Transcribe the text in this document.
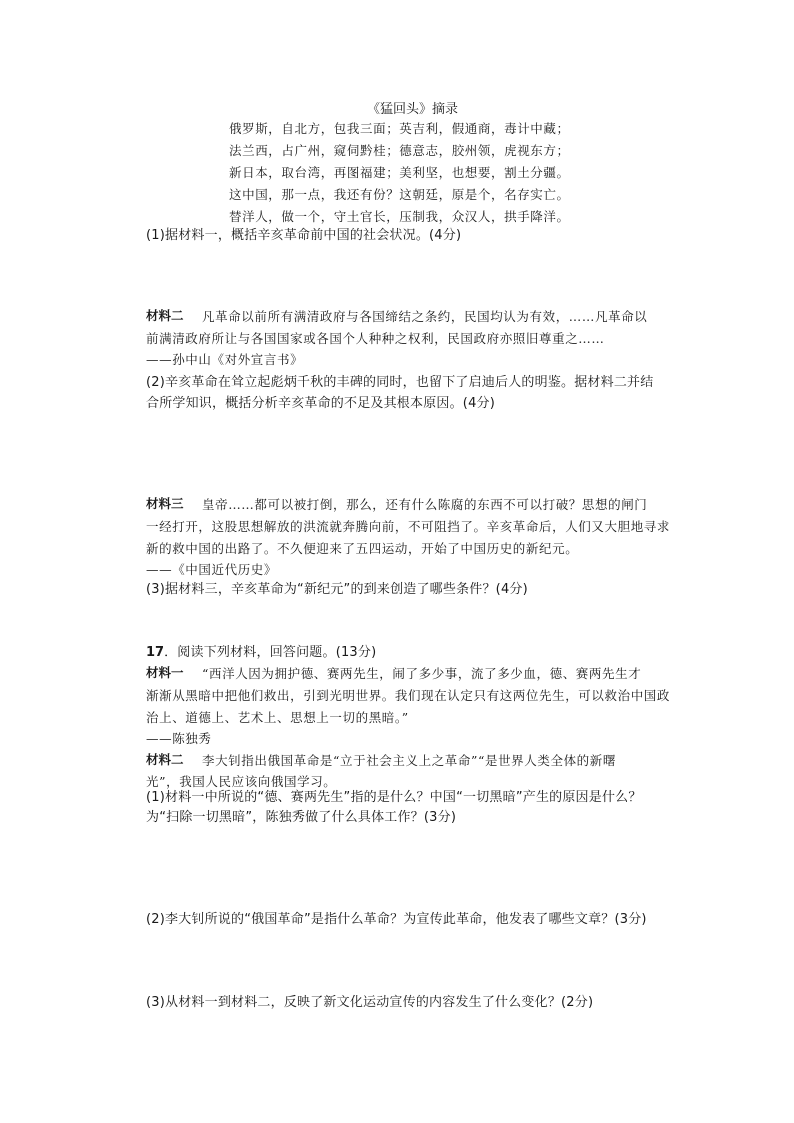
《猛回头》摘录
俄罗斯，自北方，包我三面；英吉利，假通商，毒计中藏；
法兰西，占广州，窥伺黔桂；德意志，胶州领，虎视东方；
新日本，取台湾，再图福建；美利坚，也想要，割土分疆。
这中国，那一点，我还有份？这朝廷，原是个，名存实亡。
替洋人，做一个，守土官长，压制我，众汉人，拱手降洋。
(1)据材料一，概括辛亥革命前中国的社会状况。(4分)
材料二 凡革命以前所有满清政府与各国缔结之条约，民国均认为有效，……凡革命以
前满清政府所让与各国国家或各国个人种种之权利，民国政府亦照旧尊重之……
——孙中山《对外宣言书》
(2)辛亥革命在耸立起彪炳千秋的丰碑的同时，也留下了启迪后人的明鉴。据材料二并结
合所学知识，概括分析辛亥革命的不足及其根本原因。(4分)
材料三 皇帝……都可以被打倒，那么，还有什么陈腐的东西不可以打破？思想的闸门
一经打开，这股思想解放的洪流就奔腾向前，不可阻挡了。辛亥革命后，人们又大胆地寻求
新的救中国的出路了。不久便迎来了五四运动，开始了中国历史的新纪元。
——《中国近代历史》
(3)据材料三，辛亥革命为“新纪元”的到来创造了哪些条件？(4分)
17．阅读下列材料，回答问题。(13分)
材料一 “西洋人因为拥护德、赛两先生，闹了多少事，流了多少血，德、赛两先生才
渐渐从黑暗中把他们救出，引到光明世界。我们现在认定只有这两位先生，可以救治中国政
治上、道德上、艺术上、思想上一切的黑暗。”
——陈独秀
材料二 李大钊指出俄国革命是“立于社会主义上之革命”“是世界人类全体的新曙
光”，我国人民应该向俄国学习。
(1)材料一中所说的“德、赛两先生”指的是什么？中国“一切黑暗”产生的原因是什么？
为“扫除一切黑暗”，陈独秀做了什么具体工作？(3分)
(2)李大钊所说的“俄国革命”是指什么革命？为宣传此革命，他发表了哪些文章？(3分)
(3)从材料一到材料二，反映了新文化运动宣传的内容发生了什么变化？(2分)
